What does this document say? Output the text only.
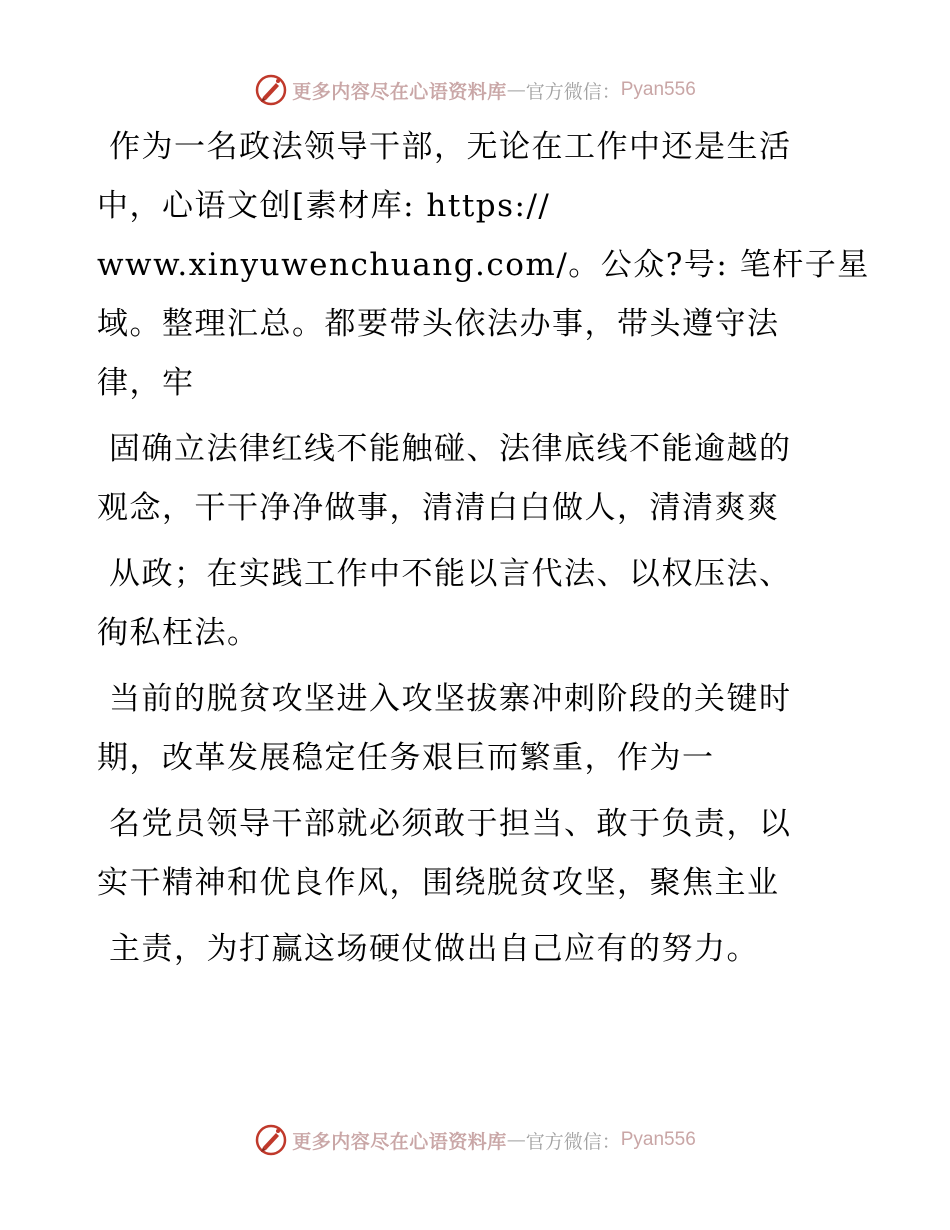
更多内容尽在心语资料库 — 官方微信： Pyan556
作为一名政法领导干部，无论在工作中还是生活
中，心语文创[素材库: https://
www.xinyuwenchuang.com/。公众?号: 笔杆子星
域。整理汇总。都要带头依法办事，带头遵守法
律，牢
固确立法律红线不能触碰、法律底线不能逾越的
观念，干干净净做事，清清白白做人，清清爽爽
从政；在实践工作中不能以言代法、以权压法、
徇私枉法。
当前的脱贫攻坚进入攻坚拔寨冲刺阶段的关键时
期，改革发展稳定任务艰巨而繁重，作为一
名党员领导干部就必须敢于担当、敢于负责，以
实干精神和优良作风，围绕脱贫攻坚，聚焦主业
主责，为打赢这场硬仗做出自己应有的努力。
更多内容尽在心语资料库 — 官方微信： Pyan556
